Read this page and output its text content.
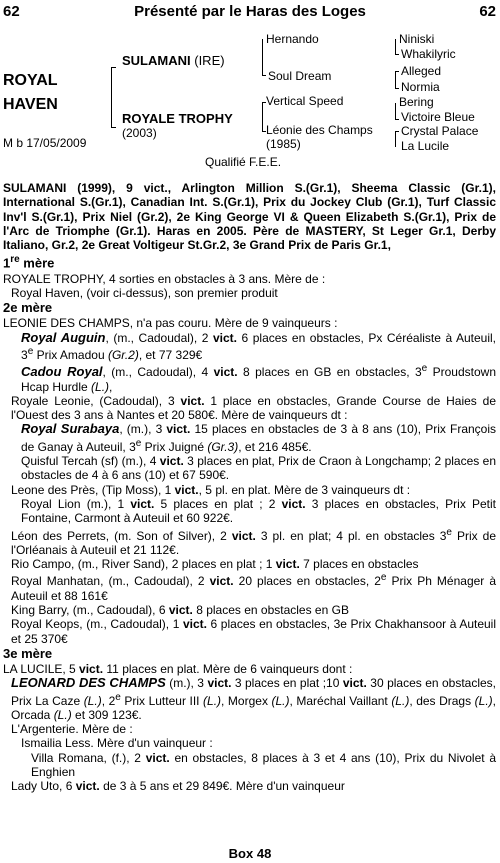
62	Présenté par le Haras des Loges	62
ROYAL
HAVEN
M b 17/05/2009
SULAMANI (IRE)
ROYALE TROPHY
(2003)
Hernando
Soul Dream
Vertical Speed
Léonie des Champs
(1985)
Niniski
Whakilyric
Alleged
Normia
Bering
Victoire Bleue
Crystal Palace
La Lucile
Qualifié F.E.E.

SULAMANI (1999), 9 vict., Arlington Million S.(Gr.1), Sheema Classic (Gr.1), International S.(Gr.1), Canadian Int. S.(Gr.1), Prix du Jockey Club (Gr.1), Turf Classic Inv'l S.(Gr.1), Prix Niel (Gr.2), 2e King George VI & Queen Elizabeth S.(Gr.1), Prix de l'Arc de Triomphe (Gr.1). Haras en 2005. Père de MASTERY, St Leger Gr.1, Derby Italiano, Gr.2, 2e Great Voltigeur St.Gr.2, 3e Grand Prix de Paris Gr.1,

1re mère

ROYALE TROPHY, 4 sorties en obstacles à 3 ans. Mère de :

Royal Haven, (voir ci-dessus), son premier produit

2e mère

LEONIE DES CHAMPS, n'a pas couru. Mère de 9 vainqueurs :

Royal Auguin, (m., Cadoudal), 2 vict. 6 places en obstacles, Px Céréaliste à Auteuil, 3e Prix Amadou (Gr.2), et 77 329€

Cadou Royal, (m., Cadoudal), 4 vict. 8 places en GB en obstacles, 3e Proudstown Hcap Hurdle (L.),

Royale Leonie, (Cadoudal), 3 vict. 1 place en obstacles, Grande Course de Haies de l'Ouest des 3 ans à Nantes et 20 580€. Mère de vainqueurs dt :

Royal Surabaya, (m.), 3 vict. 15 places en obstacles de 3 à 8 ans (10), Prix François de Ganay à Auteuil, 3e Prix Juigné (Gr.3), et 216 485€.

Quisful Tercah (sf) (m.), 4 vict. 3 places en plat, Prix de Craon à Longchamp; 2 places en obstacles de 4 à 6 ans (10) et 67 590€.

Leone des Près, (Tip Moss), 1 vict., 5 pl. en plat. Mère de 3 vainqueurs dt :

Royal Lion (m.), 1 vict. 5 places en plat ; 2 vict. 3 places en obstacles, Prix Petit Fontaine, Carmont à Auteuil et 60 922€.

Léon des Perrets, (m. Son of Silver), 2 vict. 3 pl. en plat; 4 pl. en obstacles 3e Prix de l'Orléanais à Auteuil et 21 112€.

Rio Campo, (m., River Sand), 2 places en plat ; 1 vict. 7 places en obstacles

Royal Manhatan, (m., Cadoudal), 2 vict. 20 places en obstacles, 2e Prix Ph Ménager à Auteuil et 88 161€

King Barry, (m., Cadoudal), 6 vict. 8 places en obstacles en GB

Royal Keops, (m., Cadoudal), 1 vict. 6 places en obstacles, 3e Prix Chakhansoor à Auteuil et 25 370€

3e mère

LA LUCILE, 5 vict. 11 places en plat. Mère de 6 vainqueurs dont :

LEONARD DES CHAMPS (m.), 3 vict. 3 places en plat ;10 vict. 30 places en obstacles, Prix La Caze (L.), 2e Prix Lutteur III (L.), Morgex (L.), Maréchal Vaillant (L.), des Drags (L.), Orcada (L.) et 309 123€.

L'Argenterie. Mère de :

Ismailia Less. Mère d'un vainqueur :

Villa Romana, (f.), 2 vict. en obstacles, 8 places à 3 et 4 ans (10), Prix du Nivolet à Enghien

Lady Uto, 6 vict. de 3 à 5 ans et 29 849€. Mère d'un vainqueur

Box 48
